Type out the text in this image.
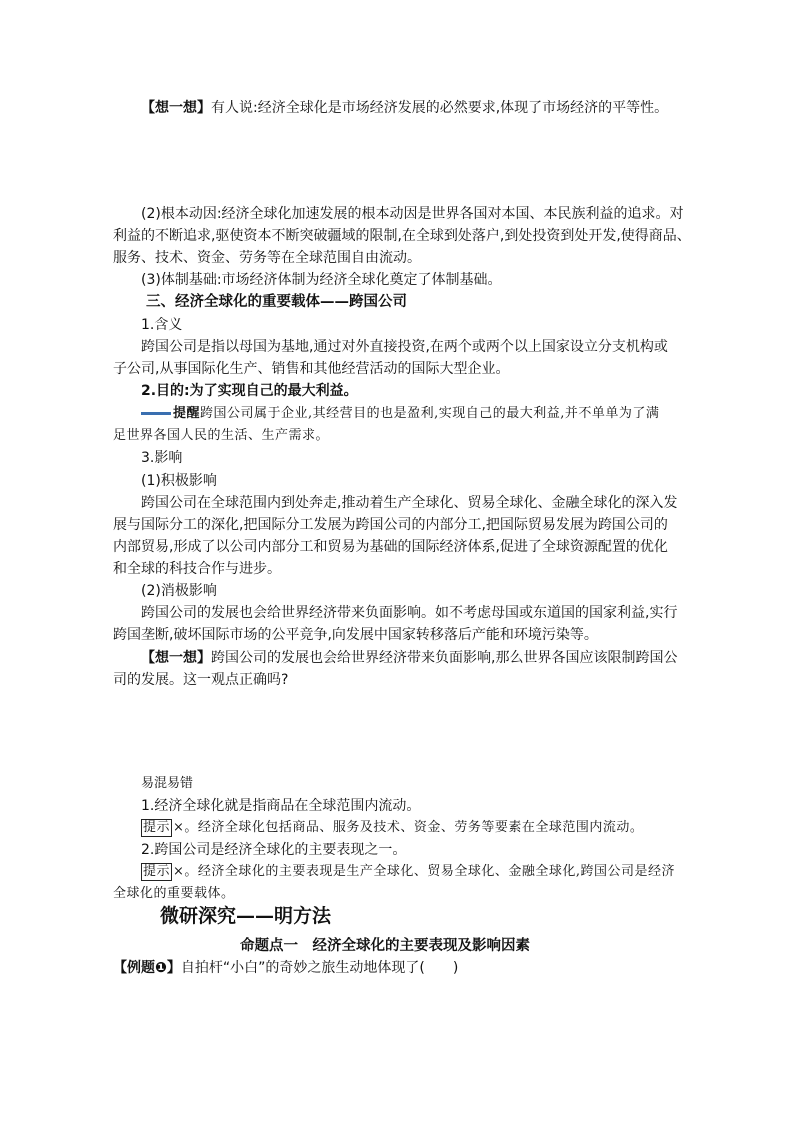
【想一想】有人说:经济全球化是市场经济发展的必然要求,体现了市场经济的平等性。
(2)根本动因:经济全球化加速发展的根本动因是世界各国对本国、本民族利益的追求。对
利益的不断追求,驱使资本不断突破疆域的限制,在全球到处落户,到处投资到处开发,使得商品、
服务、技术、资金、劳务等在全球范围自由流动。
(3)体制基础:市场经济体制为经济全球化奠定了体制基础。
三、经济全球化的重要载体——跨国公司
1.含义
跨国公司是指以母国为基地,通过对外直接投资,在两个或两个以上国家设立分支机构或
子公司,从事国际化生产、销售和其他经营活动的国际大型企业。
2.目的:为了实现自己的最大利益。
提醒跨国公司属于企业,其经营目的也是盈利,实现自己的最大利益,并不单单为了满
足世界各国人民的生活、生产需求。
3.影响
(1)积极影响
跨国公司在全球范围内到处奔走,推动着生产全球化、贸易全球化、金融全球化的深入发
展与国际分工的深化,把国际分工发展为跨国公司的内部分工,把国际贸易发展为跨国公司的
内部贸易,形成了以公司内部分工和贸易为基础的国际经济体系,促进了全球资源配置的优化
和全球的科技合作与进步。
(2)消极影响
跨国公司的发展也会给世界经济带来负面影响。如不考虑母国或东道国的国家利益,实行
跨国垄断,破坏国际市场的公平竞争,向发展中国家转移落后产能和环境污染等。
【想一想】跨国公司的发展也会给世界经济带来负面影响,那么世界各国应该限制跨国公
司的发展。这一观点正确吗?
易混易错
1.经济全球化就是指商品在全球范围内流动。
提示 ×。经济全球化包括商品、服务及技术、资金、劳务等要素在全球范围内流动。
2.跨国公司是经济全球化的主要表现之一。
提示 ×。经济全球化的主要表现是生产全球化、贸易全球化、金融全球化,跨国公司是经济
全球化的重要载体。
微研深究——明方法
命题点一　经济全球化的主要表现及影响因素
【例题❶】自拍杆“小白”的奇妙之旅生动地体现了(　　)
